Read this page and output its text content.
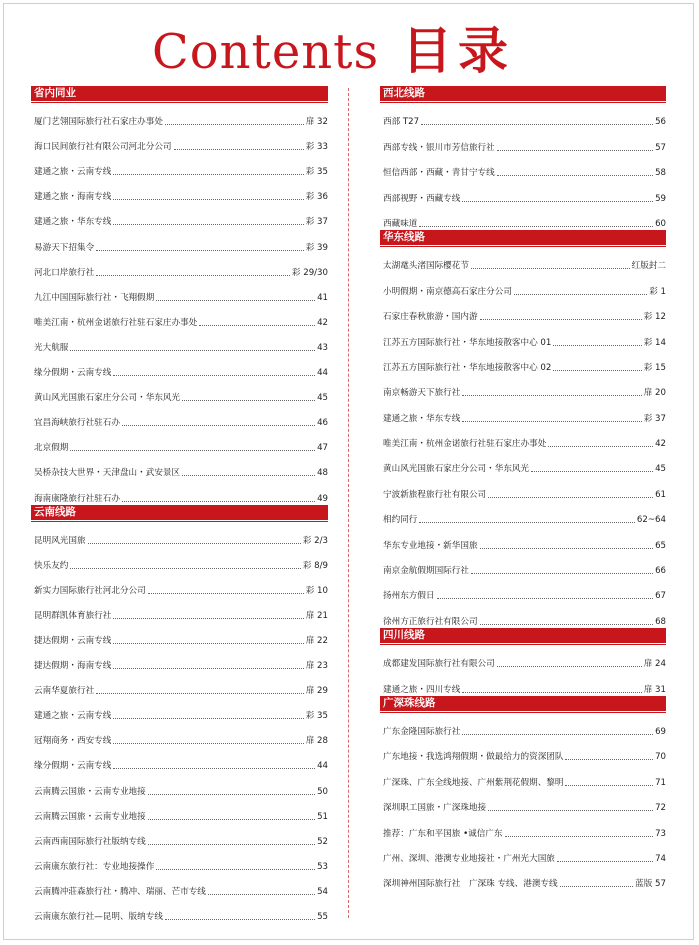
Contents 目录
省内同业
厦门艺翎国际旅行社石家庄办事处	扉 32
海口民间旅行社有限公司河北分公司	彩 33
建通之旅・云南专线	彩 35
建通之旅・海南专线	彩 36
建通之旅・华东专线	彩 37
易游天下招集令	彩 39
河北口岸旅行社	彩 29/30
九江中国国际旅行社・飞翔假期	41
唯美江南・杭州金诺旅行社驻石家庄办事处	42
光大航服	43
缘分假期・云南专线	44
黄山风光国旅石家庄分公司・华东风光	45
宜昌海峡旅行社驻石办	46
北京假期	47
吴桥杂技大世界・天津盘山・武安景区	48
海南康隆旅行社驻石办	49
云南线路
昆明风光国旅	彩 2/3
快乐友约	彩 8/9
新实力国际旅行社河北分公司	彩 10
昆明群凯体育旅行社	扉 21
捷达假期・云南专线	扉 22
捷达假期・海南专线	扉 23
云南华夏旅行社	扉 29
建通之旅・云南专线	彩 35
冠翔商务・西安专线	扉 28
缘分假期・云南专线	44
云南腾云国旅・云南专业地接	50
云南腾云国旅・云南专业地接	51
云南西南国际旅行社版纳专线	52
云南康东旅行社：专业地接操作	53
云南腾冲莊森旅行社・腾冲、瑞丽、芒市专线	54
云南康东旅行社—昆明、版纳专线	55
西北线路
西部 T27	56
西部专线・银川市芳信旅行社	57
恒信西部・西藏・青甘宁专线	58
西部视野・西藏专线	59
西藏味道	60
华东线路
太湖鼋头渚国际樱花节	红版封二
小明假期・南京德高石家庄分公司	彩 1
石家庄春秋旅游・国内游	彩 12
江苏五方国际旅行社・华东地接散客中心 01	彩 14
江苏五方国际旅行社・华东地接散客中心 02	彩 15
南京畅游天下旅行社	扉 20
建通之旅・华东专线	彩 37
唯美江南・杭州金诺旅行社驻石家庄办事处	42
黄山风光国旅石家庄分公司・华东风光	45
宁波新旅程旅行社有限公司	61
相约同行	62~64
华东专业地接・新华国旅	65
南京金航假期国际行社	66
扬州东方假日	67
徐州方正旅行社有限公司	68
四川线路
成都建发国际旅行社有限公司	扉 24
建通之旅・四川专线	扉 31
广深珠线路
广东金隆国际旅行社	69
广东地接・我选鸿翔假期・做最给力的资深团队	70
广深珠、广东全线地接、广州紫荆花假期、黎明	71
深圳职工国旅・广深珠地接	72
推荐：广东和平国旅 •诚信广东	73
广州、深圳、港澳专业地接社・广州光大国旅	74
深圳神州国际旅行社　广深珠 专线、港澳专线	蓝版 57
